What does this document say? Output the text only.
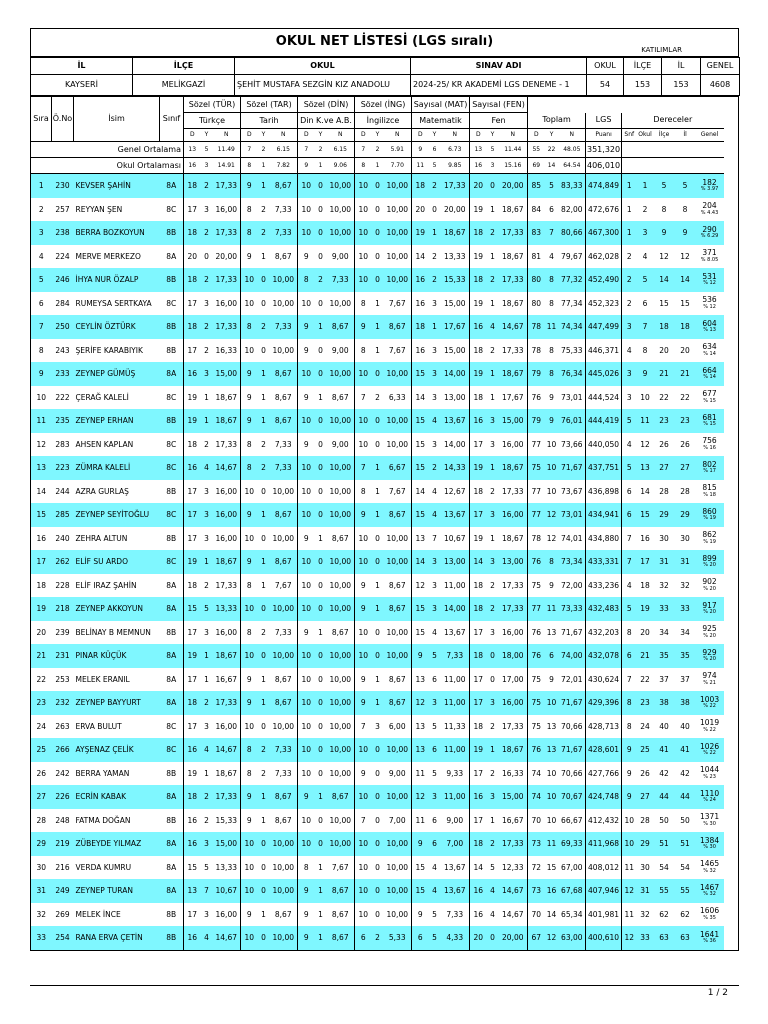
OKUL NET LİSTESİ (LGS sıralı)
KATILIMLAR
İL	İLÇE	OKUL	SINAV ADI	OKUL	İLÇE	İL	GENEL
KAYSERİ	MELİKGAZİ	ŞEHİT MUSTAFA SEZGİN KIZ ANADOLU	2024-25/ KR AKADEMİ LGS DENEME - 1	54	153	153	4608
Sıra	Ö.No	İsim	Sınıf	Sözel (TÜR)			Sözel (TAR)			Sözel (DİN)			Sözel (İNG)			Sayısal (MAT)			Sayısal (FEN)											
				Türkçe			Tarih			Din K.ve A.B.			İngilizce			Matematik			Fen			Toplam			LGS	Dereceler				
				D	Y	N	D	Y	N	D	Y	N	D	Y	N	D	Y	N	D	Y	N	D	Y	N	Puanı	Snf	Okul	İlçe	İl	Genel
Genel Ortalama				13	5	11.49	7	2	6.15	7	2	6.15	7	2	5.91	9	6	6.73	13	5	11.44	55	22	48.05	351,320					
Okul Ortalaması				16	3	14.91	8	1	7.82	9	1	9.06	8	1	7.70	11	5	9.85	16	3	15.16	69	14	64.54	406,010					
1	230	KEVSER ŞAHİN	8A	18	2	17,33	9	1	8,67	10	0	10,00	10	0	10,00	18	2	17,33	20	0	20,00	85	5	83,33	474,849	1	1	5	5	182
% 3.97

2	257	REYYAN ŞEN	8C	17	3	16,00	8	2	7,33	10	0	10,00	10	0	10,00	20	0	20,00	19	1	18,67	84	6	82,00	472,676	1	2	8	8	204
% 4.43

3	238	BERRA BOZKOYUN	8B	18	2	17,33	8	2	7,33	10	0	10,00	10	0	10,00	19	1	18,67	18	2	17,33	83	7	80,66	467,300	1	3	9	9	290
% 6.29

4	224	MERVE MERKEZO	8A	20	0	20,00	9	1	8,67	9	0	9,00	10	0	10,00	14	2	13,33	19	1	18,67	81	4	79,67	462,028	2	4	12	12	371
% 8.05

5	246	İHYA NUR ÖZALP	8B	18	2	17,33	10	0	10,00	8	2	7,33	10	0	10,00	16	2	15,33	18	2	17,33	80	8	77,32	452,490	2	5	14	14	531
% 12

6	284	RUMEYSA SERTKAYA	8C	17	3	16,00	10	0	10,00	10	0	10,00	8	1	7,67	16	3	15,00	19	1	18,67	80	8	77,34	452,323	2	6	15	15	536
% 12

7	250	CEYLİN ÖZTÜRK	8B	18	2	17,33	8	2	7,33	9	1	8,67	9	1	8,67	18	1	17,67	16	4	14,67	78	11	74,34	447,499	3	7	18	18	604
% 13

8	243	ŞERİFE KARABIYIK	8B	17	2	16,33	10	0	10,00	9	0	9,00	8	1	7,67	16	3	15,00	18	2	17,33	78	8	75,33	446,371	4	8	20	20	634
% 14

9	233	ZEYNEP GÜMÜŞ	8A	16	3	15,00	9	1	8,67	10	0	10,00	10	0	10,00	15	3	14,00	19	1	18,67	79	8	76,34	445,026	3	9	21	21	664
% 14

10	222	ÇERAĞ KALELİ	8C	19	1	18,67	9	1	8,67	9	1	8,67	7	2	6,33	14	3	13,00	18	1	17,67	76	9	73,01	444,524	3	10	22	22	677
% 15

11	235	ZEYNEP ERHAN	8B	19	1	18,67	9	1	8,67	10	0	10,00	10	0	10,00	15	4	13,67	16	3	15,00	79	9	76,01	444,419	5	11	23	23	681
% 15

12	283	AHSEN KAPLAN	8C	18	2	17,33	8	2	7,33	9	0	9,00	10	0	10,00	15	3	14,00	17	3	16,00	77	10	73,66	440,050	4	12	26	26	756
% 16

13	223	ZÜMRA KALELİ	8C	16	4	14,67	8	2	7,33	10	0	10,00	7	1	6,67	15	2	14,33	19	1	18,67	75	10	71,67	437,751	5	13	27	27	802
% 17

14	244	AZRA GURLAŞ	8B	17	3	16,00	10	0	10,00	10	0	10,00	8	1	7,67	14	4	12,67	18	2	17,33	77	10	73,67	436,898	6	14	28	28	815
% 18

15	285	ZEYNEP SEYİTOĞLU	8C	17	3	16,00	9	1	8,67	10	0	10,00	9	1	8,67	15	4	13,67	17	3	16,00	77	12	73,01	434,941	6	15	29	29	860
% 19

16	240	ZEHRA ALTUN	8B	17	3	16,00	10	0	10,00	9	1	8,67	10	0	10,00	13	7	10,67	19	1	18,67	78	12	74,01	434,880	7	16	30	30	862
% 19

17	262	ELİF SU ARDO	8C	19	1	18,67	9	1	8,67	10	0	10,00	10	0	10,00	14	3	13,00	14	3	13,00	76	8	73,34	433,331	7	17	31	31	899
% 20

18	228	ELİF IRAZ ŞAHİN	8A	18	2	17,33	8	1	7,67	10	0	10,00	9	1	8,67	12	3	11,00	18	2	17,33	75	9	72,00	433,236	4	18	32	32	902
% 20

19	218	ZEYNEP AKKOYUN	8A	15	5	13,33	10	0	10,00	10	0	10,00	9	1	8,67	15	3	14,00	18	2	17,33	77	11	73,33	432,483	5	19	33	33	917
% 20

20	239	BELİNAY B MEMNUN	8B	17	3	16,00	8	2	7,33	9	1	8,67	10	0	10,00	15	4	13,67	17	3	16,00	76	13	71,67	432,203	8	20	34	34	925
% 20

21	231	PINAR KÜÇÜK	8A	19	1	18,67	10	0	10,00	10	0	10,00	10	0	10,00	9	5	7,33	18	0	18,00	76	6	74,00	432,078	6	21	35	35	929
% 20

22	253	MELEK ERANIL	8A	17	1	16,67	9	1	8,67	10	0	10,00	9	1	8,67	13	6	11,00	17	0	17,00	75	9	72,01	430,624	7	22	37	37	974
% 21

23	232	ZEYNEP BAYYURT	8A	18	2	17,33	9	1	8,67	10	0	10,00	9	1	8,67	12	3	11,00	17	3	16,00	75	10	71,67	429,396	8	23	38	38	1003
% 22

24	263	ERVA BULUT	8C	17	3	16,00	10	0	10,00	10	0	10,00	7	3	6,00	13	5	11,33	18	2	17,33	75	13	70,66	428,713	8	24	40	40	1019
% 22

25	266	AYŞENAZ ÇELİK	8C	16	4	14,67	8	2	7,33	10	0	10,00	10	0	10,00	13	6	11,00	19	1	18,67	76	13	71,67	428,601	9	25	41	41	1026
% 22

26	242	BERRA YAMAN	8B	19	1	18,67	8	2	7,33	10	0	10,00	9	0	9,00	11	5	9,33	17	2	16,33	74	10	70,66	427,766	9	26	42	42	1044
% 23

27	226	ECRİN KABAK	8A	18	2	17,33	9	1	8,67	9	1	8,67	10	0	10,00	12	3	11,00	16	3	15,00	74	10	70,67	424,748	9	27	44	44	1110
% 24

28	248	FATMA DOĞAN	8B	16	2	15,33	9	1	8,67	10	0	10,00	7	0	7,00	11	6	9,00	17	1	16,67	70	10	66,67	412,432	10	28	50	50	1371
% 30

29	219	ZÜBEYDE YILMAZ	8A	16	3	15,00	10	0	10,00	10	0	10,00	10	0	10,00	9	6	7,00	18	2	17,33	73	11	69,33	411,968	10	29	51	51	1384
% 30

30	216	VERDA KUMRU	8A	15	5	13,33	10	0	10,00	8	1	7,67	10	0	10,00	15	4	13,67	14	5	12,33	72	15	67,00	408,012	11	30	54	54	1465
% 32

31	249	ZEYNEP TURAN	8A	13	7	10,67	10	0	10,00	9	1	8,67	10	0	10,00	15	4	13,67	16	4	14,67	73	16	67,68	407,946	12	31	55	55	1467
% 32

32	269	MELEK İNCE	8B	17	3	16,00	9	1	8,67	9	1	8,67	10	0	10,00	9	5	7,33	16	4	14,67	70	14	65,34	401,981	11	32	62	62	1606
% 35

33	254	RANA ERVA ÇETİN	8B	16	4	14,67	10	0	10,00	9	1	8,67	6	2	5,33	6	5	4,33	20	0	20,00	67	12	63,00	400,610	12	33	63	63	1641
% 36
1 / 2
